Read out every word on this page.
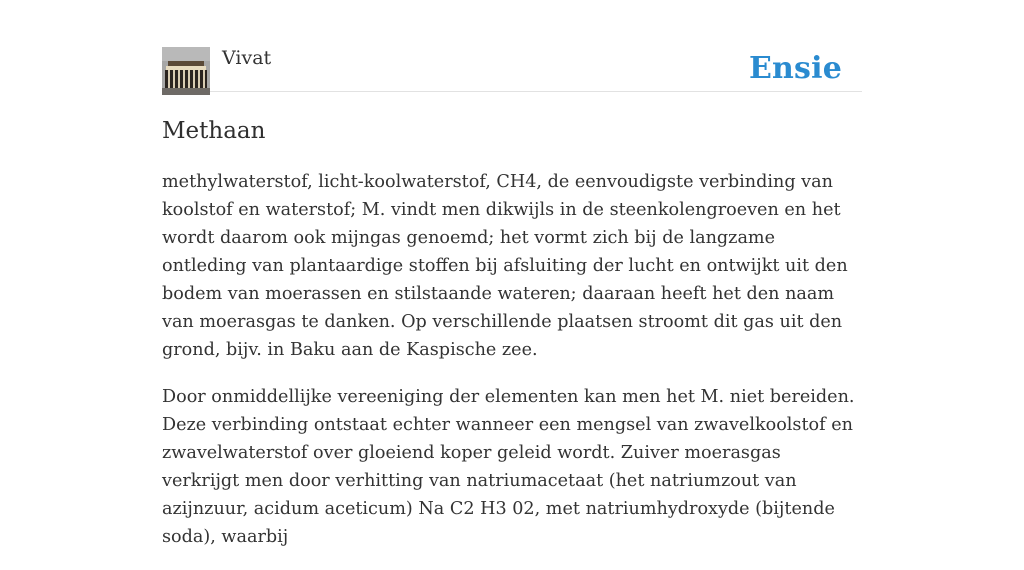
Vivat	Ensie
Methaan

methylwaterstof, licht-koolwaterstof, CH4, de eenvoudigste verbinding van koolstof en waterstof; M. vindt men dikwijls in de steenkolengroeven en het wordt daarom ook mijngas genoemd; het vormt zich bij de langzame ontleding van plantaardige stoffen bij afsluiting der lucht en ontwijkt uit den bodem van moerassen en stilstaande wateren; daaraan heeft het den naam van moerasgas te danken. Op verschillende plaatsen stroomt dit gas uit den grond, bijv. in Baku aan de Kaspische zee.

Door onmiddellijke vereeniging der elementen kan men het M. niet bereiden. Deze verbinding ontstaat echter wanneer een mengsel van zwavelkoolstof en zwavelwaterstof over gloeiend koper geleid wordt. Zuiver moerasgas verkrijgt men door verhitting van natriumacetaat (het natriumzout van azijnzuur, acidum aceticum) Na C2 H3 02, met natriumhydroxyde (bijtende soda), waarbij
